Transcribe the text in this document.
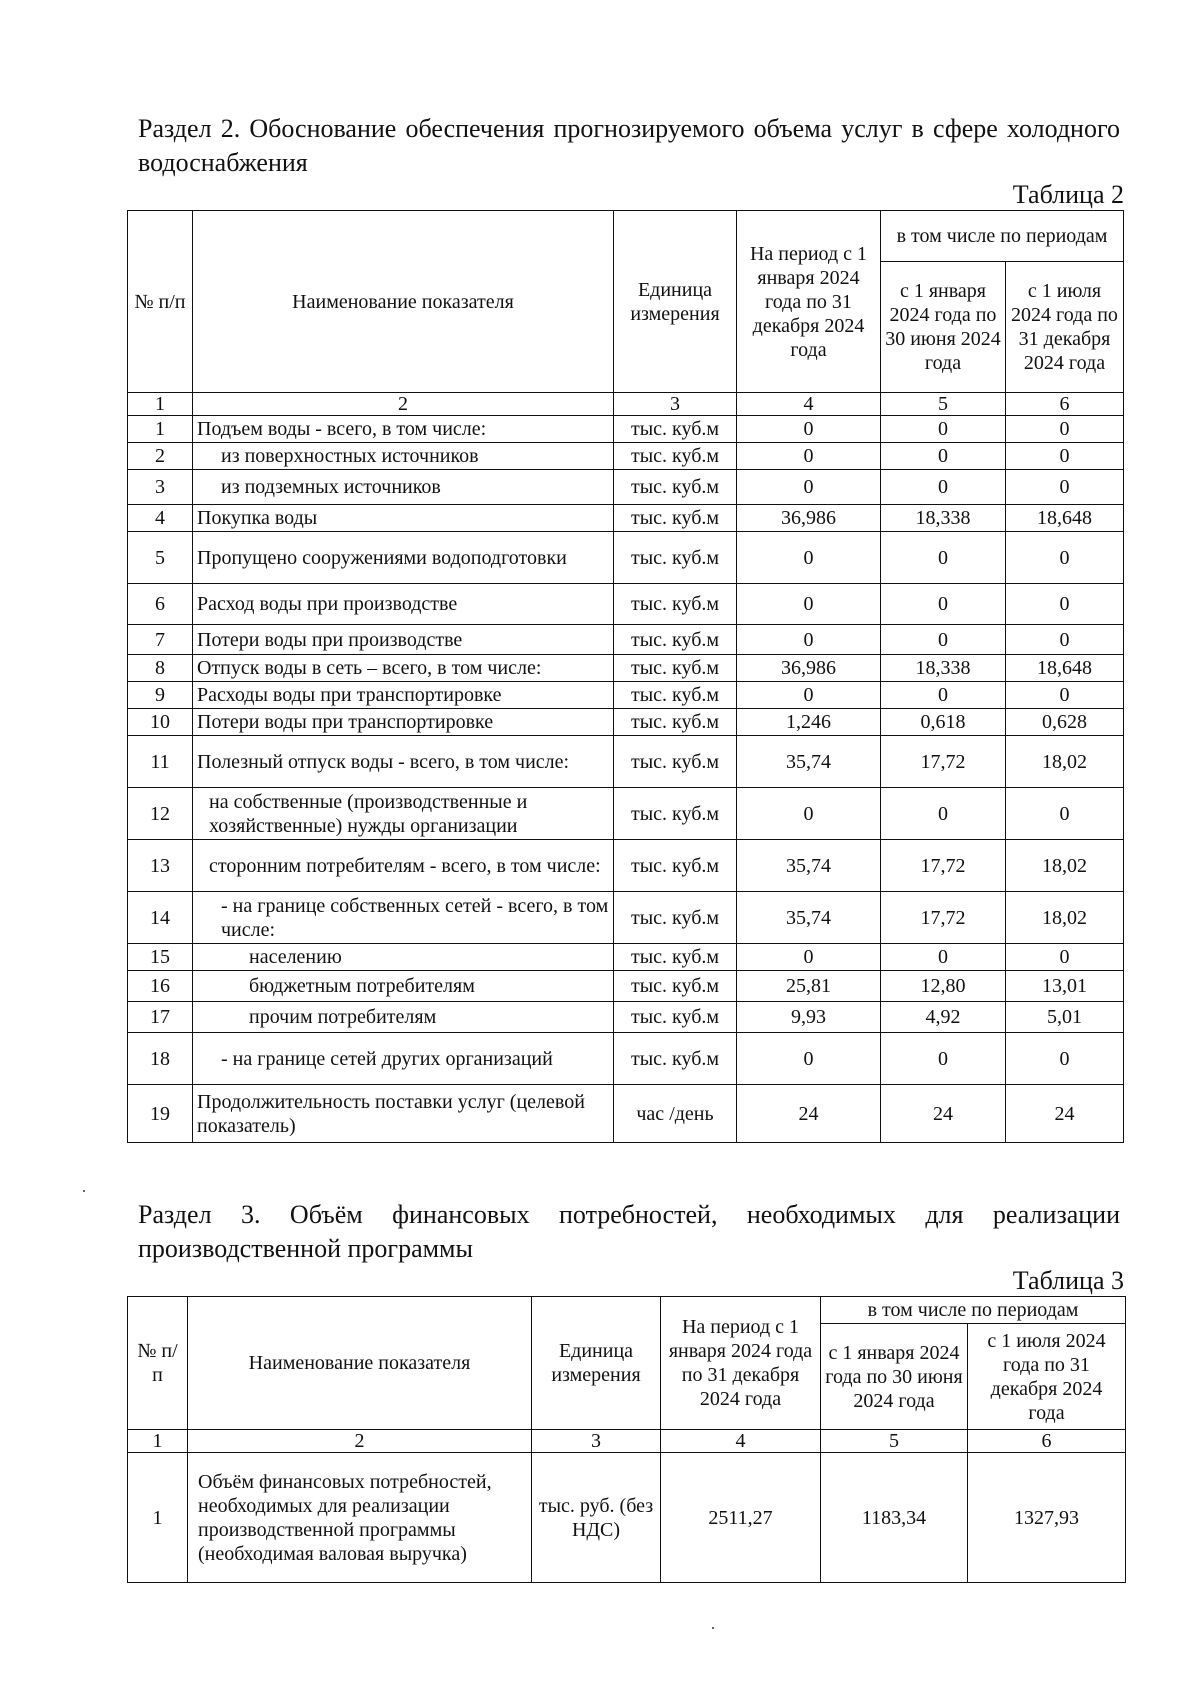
Раздел 2. Обоснование обеспечения прогнозируемого объема услуг в сфере холодного водоснабжения
Таблица 2
№ п/п	Наименование показателя	Единица измерения	На период с 1 января 2024 года по 31 декабря 2024 года	в том числе по периодам	
				с 1 января 2024 года по 30 июня 2024 года	с 1 июля 2024 года по 31 декабря 2024 года
1	2	3	4	5	6
1	Подъем воды - всего, в том числе:	тыс. куб.м	0	0	0
2	из поверхностных источников	тыс. куб.м	0	0	0
3	из подземных источников	тыс. куб.м	0	0	0
4	Покупка воды	тыс. куб.м	36,986	18,338	18,648
5	Пропущено сооружениями водоподготовки	тыс. куб.м	0	0	0
6	Расход воды при производстве	тыс. куб.м	0	0	0
7	Потери воды при производстве	тыс. куб.м	0	0	0
8	Отпуск воды в сеть – всего, в том числе:	тыс. куб.м	36,986	18,338	18,648
9	Расходы воды при транспортировке	тыс. куб.м	0	0	0
10	Потери воды при транспортировке	тыс. куб.м	1,246	0,618	0,628
11	Полезный отпуск воды - всего, в том числе:	тыс. куб.м	35,74	17,72	18,02
12	на собственные (производственные и хозяйственные) нужды организации	тыс. куб.м	0	0	0
13	сторонним потребителям - всего, в том числе:	тыс. куб.м	35,74	17,72	18,02
14	- на границе собственных сетей - всего, в том числе:	тыс. куб.м	35,74	17,72	18,02
15	населению	тыс. куб.м	0	0	0
16	бюджетным потребителям	тыс. куб.м	25,81	12,80	13,01
17	прочим потребителям	тыс. куб.м	9,93	4,92	5,01
18	- на границе сетей других организаций	тыс. куб.м	0	0	0
19	Продолжительность поставки услуг (целевой показатель)	час /день	24	24	24
Раздел 3. Объём финансовых потребностей, необходимых для реализации производственной программы
Таблица 3
№ п/п	Наименование показателя	Единица измерения	На период с 1 января 2024 года по 31 декабря 2024 года	в том числе по периодам	
				с 1 января 2024 года по 30 июня 2024 года	с 1 июля 2024 года по 31 декабря 2024 года
1	2	3	4	5	6
1	Объём финансовых потребностей, необходимых для реализации производственной программы (необходимая валовая выручка)	тыс. руб. (без НДС)	2511,27	1183,34	1327,93
